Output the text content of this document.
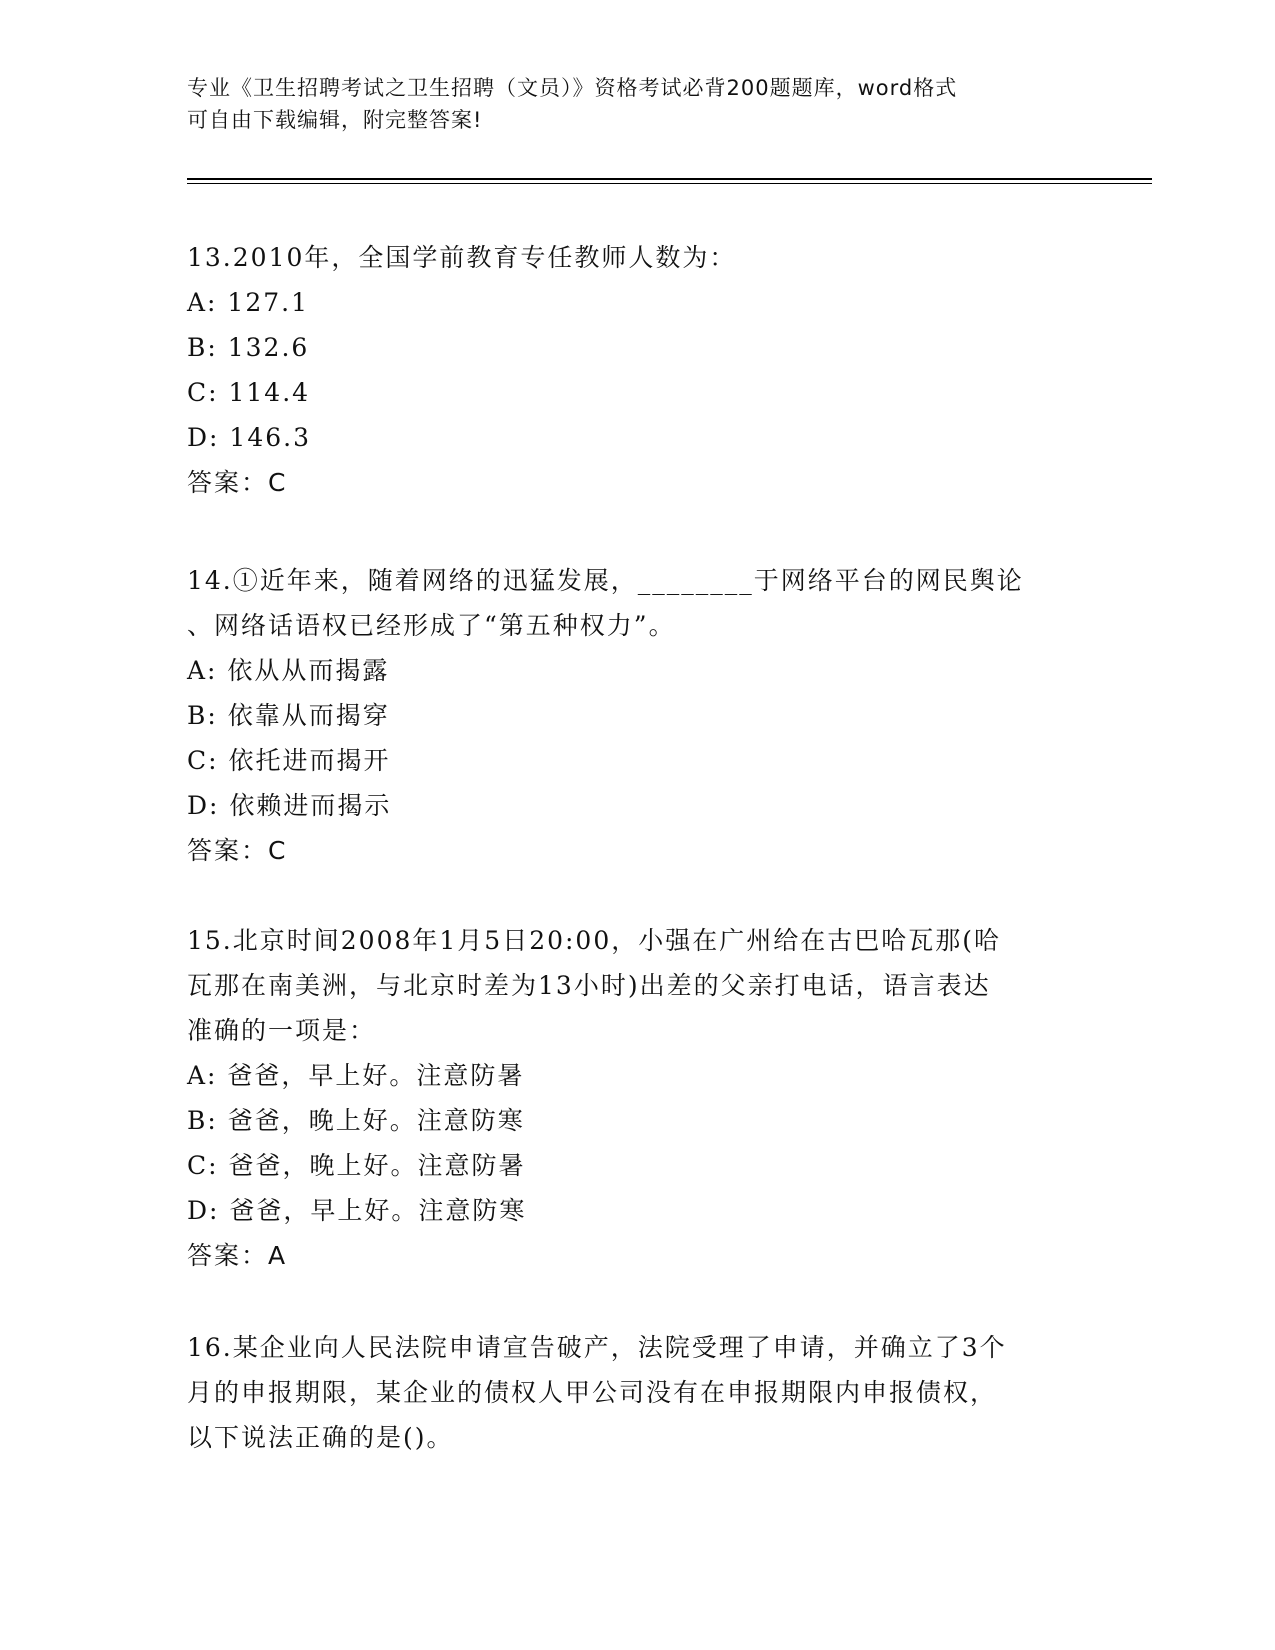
专业《卫生招聘考试之卫生招聘（文员）》资格考试必背200题题库，word格式
可自由下载编辑，附完整答案!
13.2010年，全国学前教育专任教师人数为：
A: 127.1
B: 132.6
C: 114.4
D: 146.3
答案：C
14.①近年来，随着网络的迅猛发展，________于网络平台的网民舆论
、网络话语权已经形成了“第五种权力”。
A: 依从从而揭露
B: 依靠从而揭穿
C: 依托进而揭开
D: 依赖进而揭示
答案：C
15.北京时间2008年1月5日20:00，小强在广州给在古巴哈瓦那(哈
瓦那在南美洲，与北京时差为13小时)出差的父亲打电话，语言表达
准确的一项是：
A: 爸爸，早上好。注意防暑
B: 爸爸，晚上好。注意防寒
C: 爸爸，晚上好。注意防暑
D: 爸爸，早上好。注意防寒
答案：A
16.某企业向人民法院申请宣告破产，法院受理了申请，并确立了3个
月的申报期限，某企业的债权人甲公司没有在申报期限内申报债权，
以下说法正确的是()。
